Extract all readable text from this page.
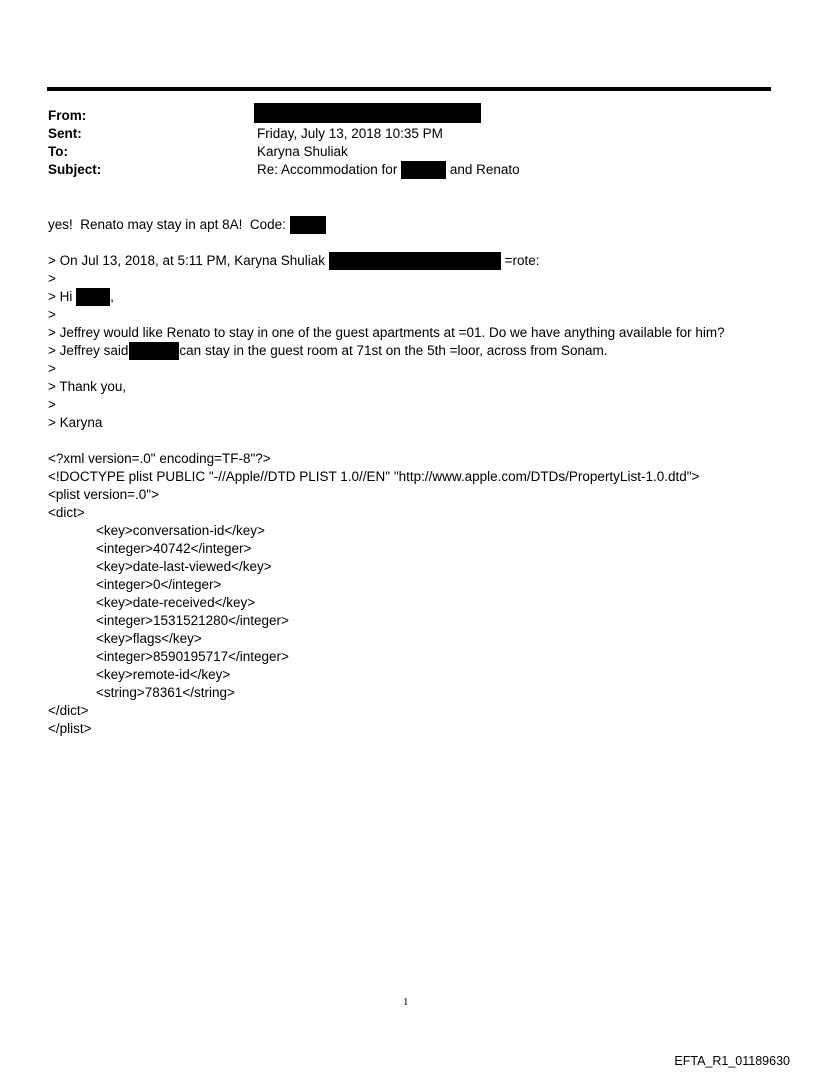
From:
Sent:	Friday, July 13, 2018 10:35 PM
To:	Karyna Shuliak
Subject:	Re: Accommodation for	and Renato
yes!  Renato may stay in apt 8A!  Code:
> On Jul 13, 2018, at 5:11 PM, Karyna Shuliak	=rote:
>
> Hi	,
>
> Jeffrey would like Renato to stay in one of the guest apartments at =01. Do we have anything available for him?
> Jeffrey said	can stay in the guest room at 71st on the 5th =loor, across from Sonam.
>
> Thank you,
>
> Karyna
<?xml version=.0" encoding=TF-8"?>
<!DOCTYPE plist PUBLIC "-//Apple//DTD PLIST 1.0//EN" "http://www.apple.com/DTDs/PropertyList-1.0.dtd">
<plist version=.0">
<dict>
<key>conversation-id</key>
<integer>40742</integer>
<key>date-last-viewed</key>
<integer>0</integer>
<key>date-received</key>
<integer>1531521280</integer>
<key>flags</key>
<integer>8590195717</integer>
<key>remote-id</key>
<string>78361</string>
</dict>
</plist>
1
EFTA_R1_01189630
